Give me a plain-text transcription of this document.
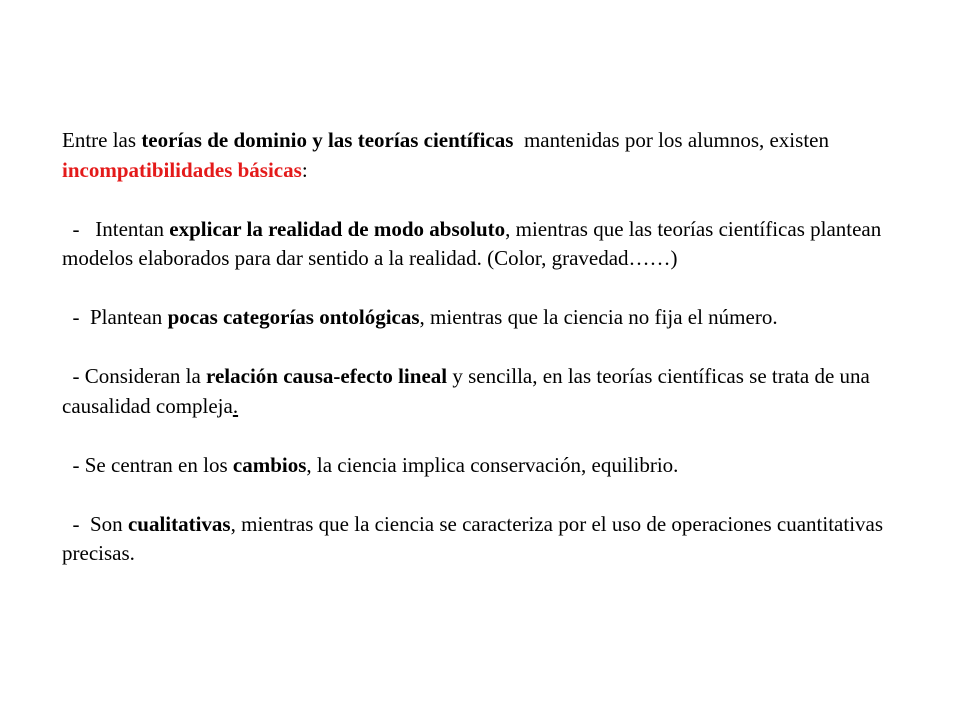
Entre las teorías de dominio y las teorías científicas  mantenidas por los alumnos, existen incompatibilidades básicas:

-   Intentan explicar la realidad de modo absoluto, mientras que las teorías científicas plantean modelos elaborados para dar sentido a la realidad. (Color, gravedad……)

-  Plantean pocas categorías ontológicas, mientras que la ciencia no fija el número.

- Consideran la relación causa-efecto lineal y sencilla, en las teorías científicas se trata de una causalidad compleja.

- Se centran en los cambios, la ciencia implica conservación, equilibrio.

-  Son cualitativas, mientras que la ciencia se caracteriza por el uso de operaciones cuantitativas precisas.
